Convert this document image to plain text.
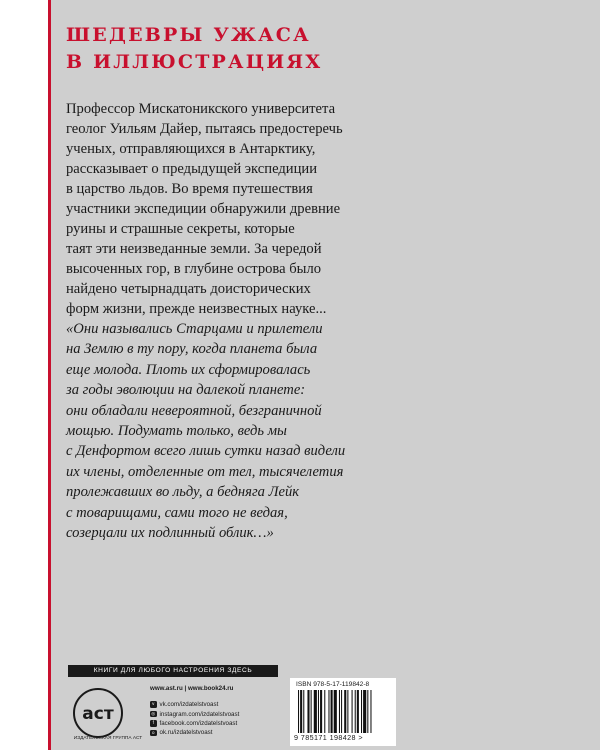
ШЕДЕВРЫ УЖАСА
В ИЛЛЮСТРАЦИЯХ

Профессор Мискатоникского университета
геолог Уильям Дайер, пытаясь предостеречь
ученых, отправляющихся в Антарктику,
рассказывает о предыдущей экспедиции
в царство льдов. Во время путешествия
участники экспедиции обнаружили древние
руины и страшные секреты, которые
таят эти неизведанные земли. За чередой
высоченных гор, в глубине острова было
найдено четырнадцать доисторических
форм жизни, прежде неизвестных науке...

«Они назывались Старцами и прилетели
на Землю в ту пору, когда планета была
еще молода. Плоть их сформировалась
за годы эволюции на далекой планете:
они обладали невероятной, безграничной
мощью. Подумать только, ведь мы
с Денфортом всего лишь сутки назад видели
их члены, отделенные от тел, тысячелетия
пролежавших во льду, а бедняга Лейк
с товарищами, сами того не ведая,
созерцали их подлинный облик…»

КНИГИ ДЛЯ ЛЮБОГО НАСТРОЕНИЯ ЗДЕСЬ
аст
ИЗДАТЕЛЬСКАЯ ГРУППА АСТ
www.ast.ru | www.book24.ru
v vk.com/izdatelstvoast
◎ instagram.com/izdatelstvoast
f facebook.com/izdatelstvoast
o ok.ru/izdatelstvoast
ISBN 978-5-17-119842-8
9 785171 198428 >
